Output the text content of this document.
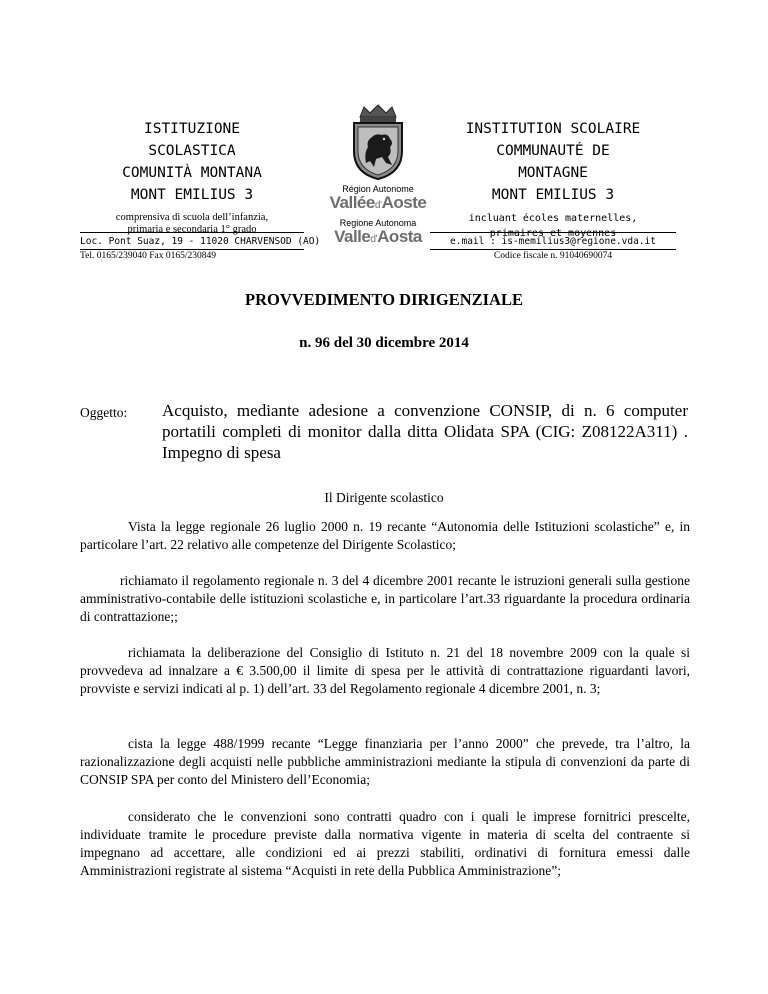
ISTITUZIONE
SCOLASTICA
COMUNITÀ MONTANA
MONT EMILIUS 3
comprensiva di scuola dell’infanzia,
primaria e secondaria 1° grado
INSTITUTION SCOLAIRE
COMMUNAUTÉ DE
MONTAGNE
MONT EMILIUS 3
incluant écoles maternelles,
primaires et moyennes
Loc. Pont Suaz, 19 - 11020 CHARVENSOD (AO)
Tel. 0165/239040 Fax 0165/230849
e.mail : is-memilius3@regione.vda.it
Codice fiscale n. 91040690074
Région Autonome
Valléed’Aoste
Regione Autonoma
Valled’Aosta
PROVVEDIMENTO DIRIGENZIALE
n. 96 del 30 dicembre 2014
Oggetto: Acquisto, mediante adesione a convenzione CONSIP, di n. 6 computer portatili completi di monitor dalla ditta Olidata SPA (CIG: Z08122A311) . Impegno di spesa
Il Dirigente scolastico
Vista la legge regionale 26 luglio 2000 n. 19 recante “Autonomia delle Istituzioni scolastiche” e, in particolare l’art. 22 relativo alle competenze del Dirigente Scolastico;
richiamato il regolamento regionale n. 3 del 4 dicembre 2001 recante le istruzioni generali sulla gestione amministrativo-contabile delle istituzioni scolastiche e, in particolare l’art.33 riguardante la procedura ordinaria di contrattazione;;
richiamata la deliberazione del Consiglio di Istituto n. 21 del 18 novembre 2009 con la quale si provvedeva ad innalzare a € 3.500,00 il limite di spesa per le attività di contrattazione riguardanti lavori, provviste e servizi indicati al p. 1) dell’art. 33 del Regolamento regionale 4 dicembre 2001, n. 3;
cista la legge 488/1999 recante “Legge finanziaria per l’anno 2000” che prevede, tra l’altro, la razionalizzazione degli acquisti nelle pubbliche amministrazioni mediante la stipula di convenzioni da parte di CONSIP SPA per conto del Ministero dell’Economia;
considerato che le convenzioni sono contratti quadro con i quali le imprese fornitrici prescelte, individuate tramite le procedure previste dalla normativa vigente in materia di scelta del contraente si impegnano ad accettare, alle condizioni ed ai prezzi stabiliti, ordinativi di fornitura emessi dalle Amministrazioni registrate al sistema “Acquisti in rete della Pubblica Amministrazione”;
